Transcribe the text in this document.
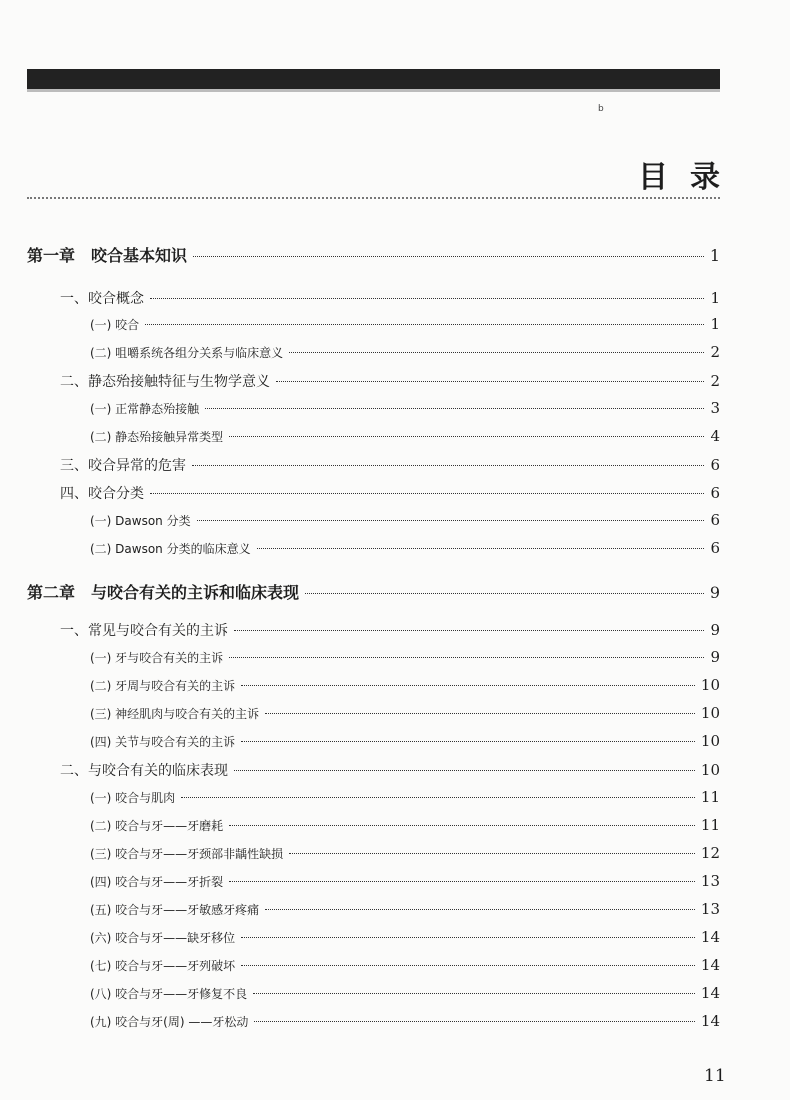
b
目录
第一章　咬合基本知识	1
一、咬合概念	1
(一) 咬合	1
(二) 咀嚼系统各组分关系与临床意义	2
二、静态殆接触特征与生物学意义	2
(一) 正常静态殆接触	3
(二) 静态殆接触异常类型	4
三、咬合异常的危害	6
四、咬合分类	6
(一) Dawson 分类	6
(二) Dawson 分类的临床意义	6
第二章　与咬合有关的主诉和临床表现	9
一、常见与咬合有关的主诉	9
(一) 牙与咬合有关的主诉	9
(二) 牙周与咬合有关的主诉	10
(三) 神经肌肉与咬合有关的主诉	10
(四) 关节与咬合有关的主诉	10
二、与咬合有关的临床表现	10
(一) 咬合与肌肉	11
(二) 咬合与牙——牙磨耗	11
(三) 咬合与牙——牙颈部非龋性缺损	12
(四) 咬合与牙——牙折裂	13
(五) 咬合与牙——牙敏感牙疼痛	13
(六) 咬合与牙——缺牙移位	14
(七) 咬合与牙——牙列破坏	14
(八) 咬合与牙——牙修复不良	14
(九) 咬合与牙(周) ——牙松动	14
11
